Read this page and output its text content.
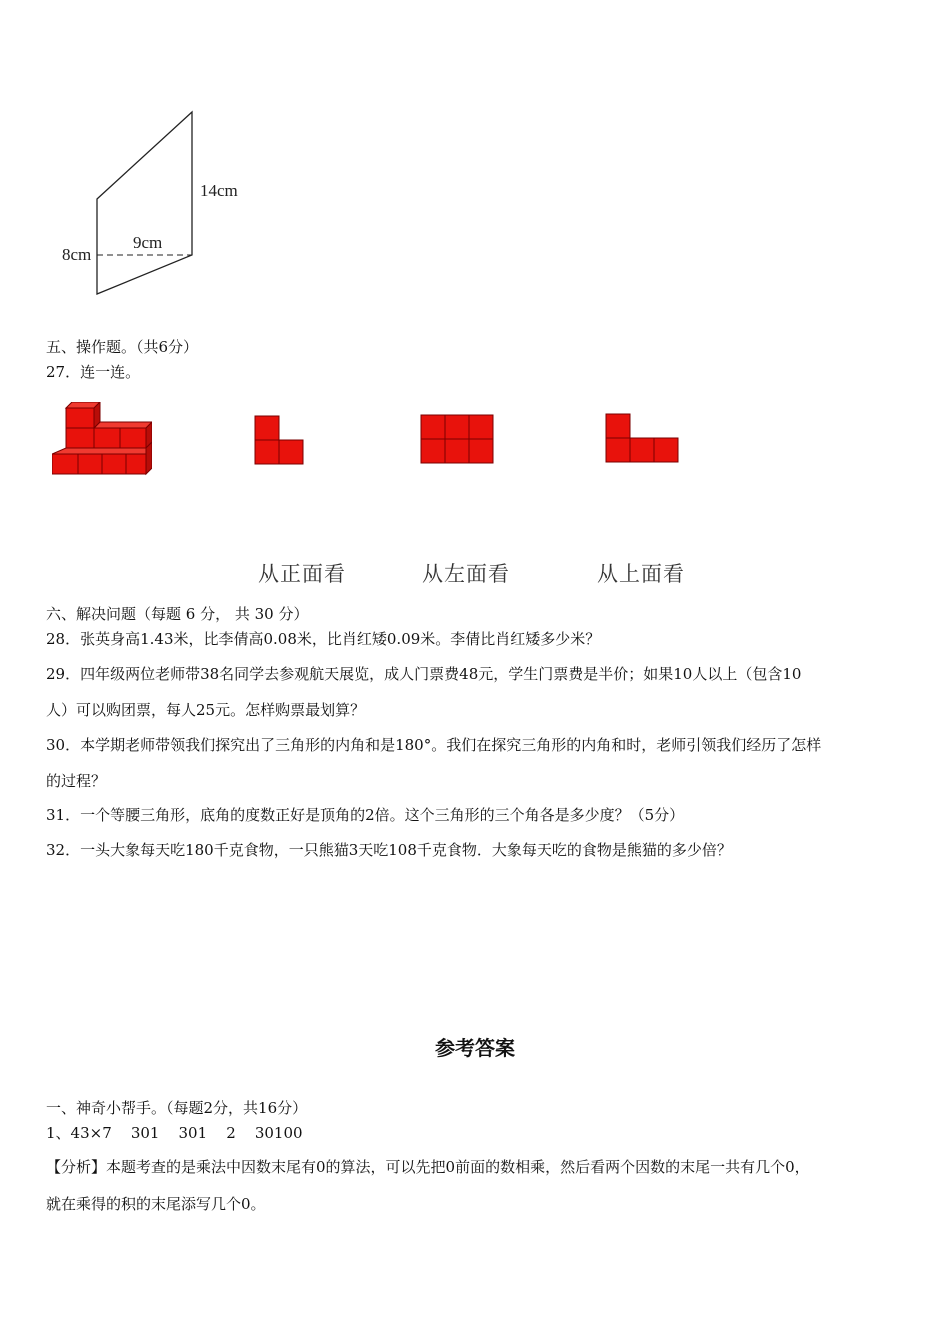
14cm
9cm
8cm
五、操作题。（共6分）
27．连一连。
从正面看	从左面看	从上面看
六、解决问题（每题 6 分， 共 30 分）
28．张英身高1.43米，比李倩高0.08米，比肖红矮0.09米。李倩比肖红矮多少米？
29．四年级两位老师带38名同学去参观航天展览，成人门票费48元，学生门票费是半价；如果10人以上（包含10
人）可以购团票，每人25元。怎样购票最划算？
30．本学期老师带领我们探究出了三角形的内角和是180°。我们在探究三角形的内角和时，老师引领我们经历了怎样
的过程？
31．一个等腰三角形，底角的度数正好是顶角的2倍。这个三角形的三个角各是多少度？（5分）
32．一头大象每天吃180千克食物，一只熊猫3天吃108千克食物．大象每天吃的食物是熊猫的多少倍？
参考答案
一、神奇小帮手。（每题2分，共16分）
1、43×7    301    301    2    30100
【分析】本题考查的是乘法中因数末尾有0的算法，可以先把0前面的数相乘，然后看两个因数的末尾一共有几个0，
就在乘得的积的末尾添写几个0。
